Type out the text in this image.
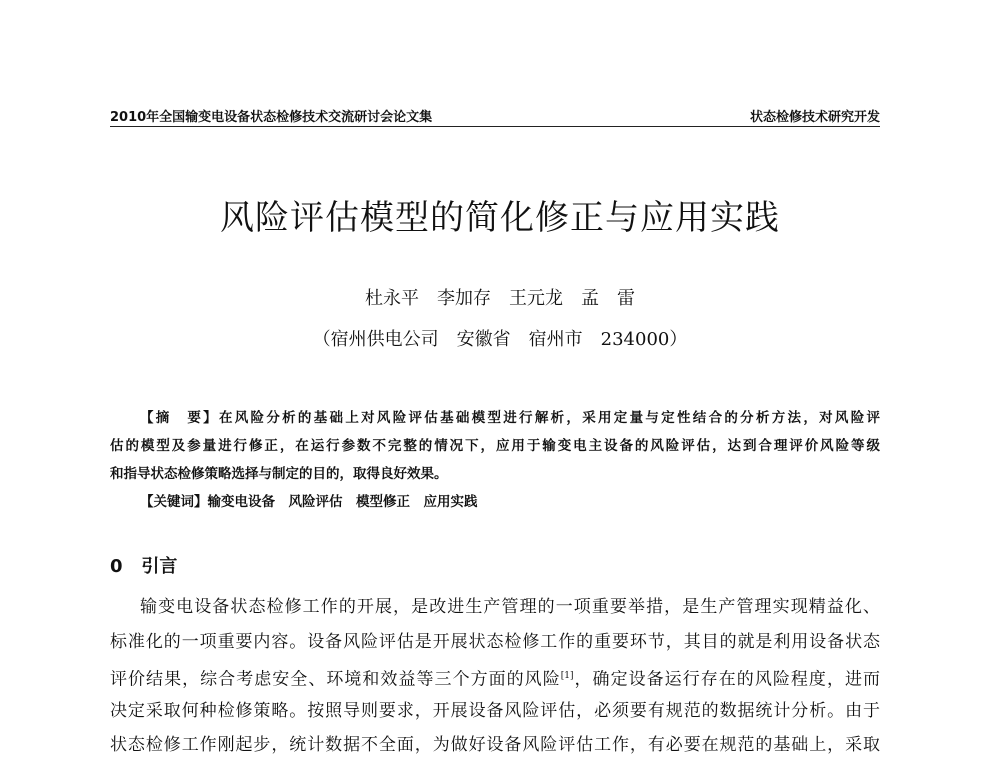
2010年全国输变电设备状态检修技术交流研讨会论文集	状态检修技术研究开发
风险评估模型的简化修正与应用实践
杜永平　李加存　王元龙　孟　雷
（宿州供电公司　安徽省　宿州市　234000）
【摘　要】在风险分析的基础上对风险评估基础模型进行解析，采用定量与定性结合的分析方法，对风险评
估的模型及参量进行修正，在运行参数不完整的情况下，应用于输变电主设备的风险评估，达到合理评价风险等级
和指导状态检修策略选择与制定的目的，取得良好效果。
【关键词】输变电设备　风险评估　模型修正　应用实践
0 引言
输变电设备状态检修工作的开展，是改进生产管理的一项重要举措，是生产管理实现精益化、
标准化的一项重要内容。设备风险评估是开展状态检修工作的重要环节，其目的就是利用设备状态
评价结果，综合考虑安全、环境和效益等三个方面的风险[1]，确定设备运行存在的风险程度，进而
决定采取何种检修策略。按照导则要求，开展设备风险评估，必须要有规范的数据统计分析。由于
状态检修工作刚起步，统计数据不全面，为做好设备风险评估工作，有必要在规范的基础上，采取
